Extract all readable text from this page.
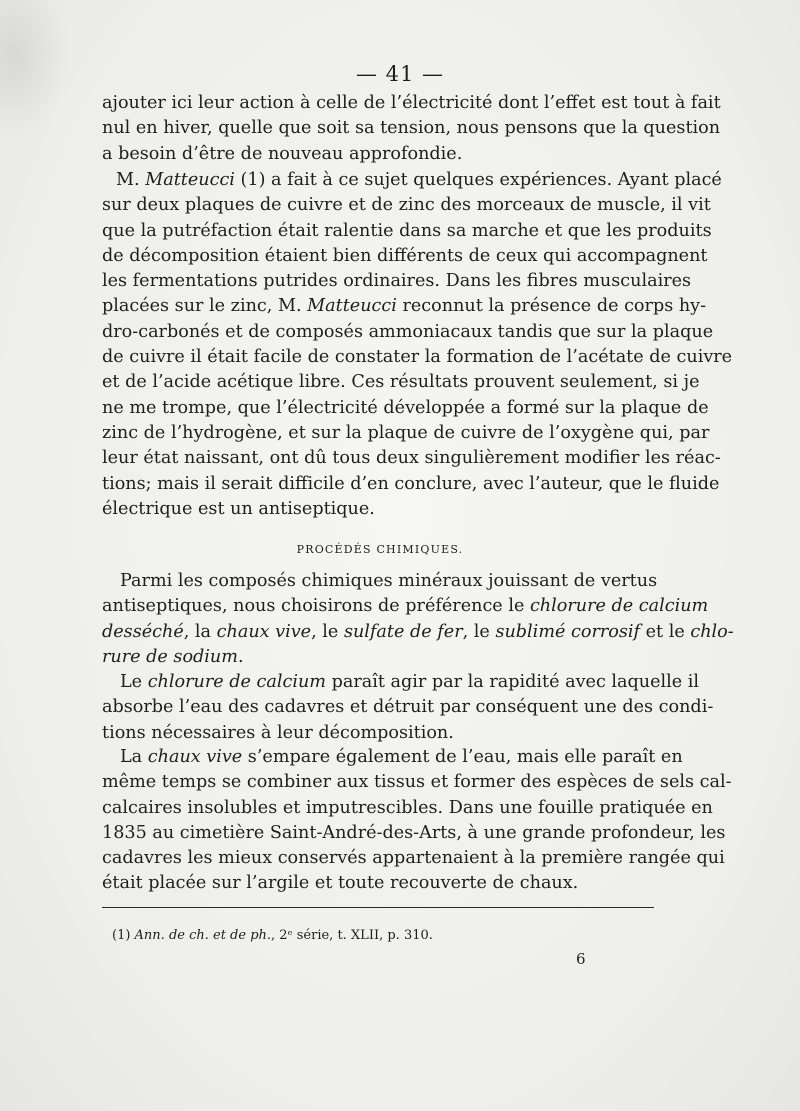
— 41 —
ajouter ici leur action à celle de l’électricité dont l’effet est tout à fait
nul en hiver, quelle que soit sa tension, nous pensons que la question
a besoin d’être de nouveau approfondie.
M. Matteucci (1) a fait à ce sujet quelques expériences. Ayant placé
sur deux plaques de cuivre et de zinc des morceaux de muscle, il vit
que la putréfaction était ralentie dans sa marche et que les produits
de décomposition étaient bien différents de ceux qui accompagnent
les fermentations putrides ordinaires. Dans les fibres musculaires
placées sur le zinc, M. Matteucci reconnut la présence de corps hy-
dro-carbonés et de composés ammoniacaux tandis que sur la plaque
de cuivre il était facile de constater la formation de l’acétate de cuivre
et de l’acide acétique libre. Ces résultats prouvent seulement, si je
ne me trompe, que l’électricité développée a formé sur la plaque de
zinc de l’hydrogène, et sur la plaque de cuivre de l’oxygène qui, par
leur état naissant, ont dû tous deux singulièrement modifier les réac-
tions; mais il serait difficile d’en conclure, avec l’auteur, que le fluide
électrique est un antiseptique.
PROCÉDÉS CHIMIQUES.
Parmi les composés chimiques minéraux jouissant de vertus
antiseptiques, nous choisirons de préférence le chlorure de calcium
desséché, la chaux vive, le sulfate de fer, le sublimé corrosif et le chlo-
rure de sodium.
Le chlorure de calcium paraît agir par la rapidité avec laquelle il
absorbe l’eau des cadavres et détruit par conséquent une des condi-
tions nécessaires à leur décomposition.
La chaux vive s’empare également de l’eau, mais elle paraît en
même temps se combiner aux tissus et former des espèces de sels cal-
calcaires insolubles et imputrescibles. Dans une fouille pratiquée en
1835 au cimetière Saint-André-des-Arts, à une grande profondeur, les
cadavres les mieux conservés appartenaient à la première rangée qui
était placée sur l’argile et toute recouverte de chaux.
(1) Ann. de ch. et de ph., 2ᵉ série, t. XLII, p. 310.
6
